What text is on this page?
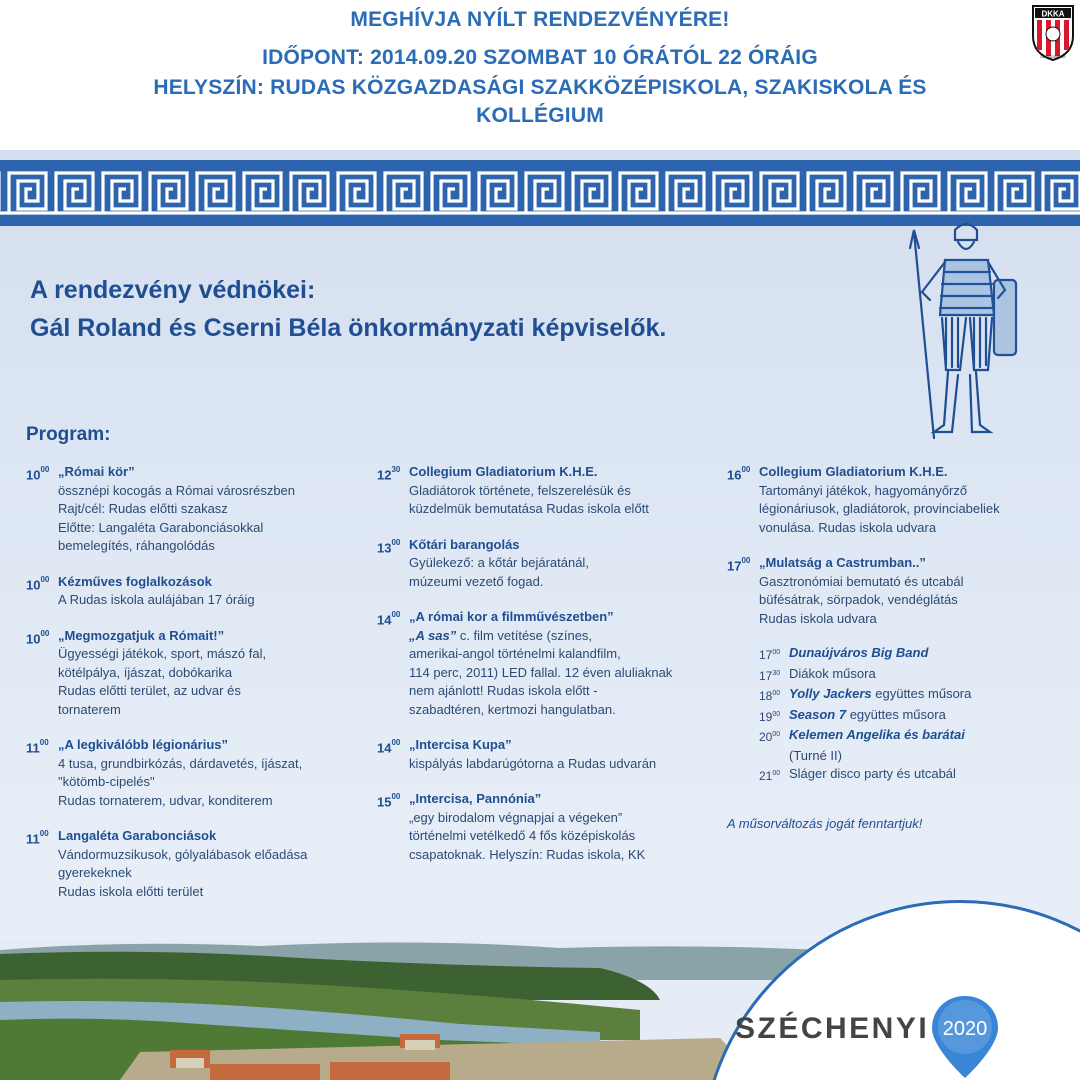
MEGHÍVJA NYÍLT RENDEZVÉNYÉRE!
IDŐPONT: 2014.09.20 SZOMBAT 10 ÓRÁTÓL 22 ÓRÁIG
HELYSZÍN: RUDAS KÖZGAZDASÁGI SZAKKÖZÉPISKOLA, SZAKISKOLA ÉS
KOLLÉGIUM
DKKA
DUNAÚJVÁROS
A rendezvény védnökei:
Gál Roland és Cserni Béla önkormányzati képviselők.
Program:
$10^{00}$ „Római kör”
össznépi kocogás a Római városrészben
Rajt/cél: Rudas előtti szakasz
Előtte: Langaléta Garabonciásokkal
bemelegítés, ráhangolódás
$10^{00}$ Kézműves foglalkozások
A Rudas iskola aulájában 17 óráig
$10^{00}$ „Megmozgatjuk a Rómait!”
Ügyességi játékok, sport, mászó fal,
kötélpálya, íjászat, dobókarika
Rudas előtti terület, az udvar és
tornaterem
$11^{00}$ „A legkiválóbb légionárius”
4 tusa, grundbirkózás, dárdavetés, íjászat,
"kötömb-cipelés"
Rudas tornaterem, udvar, konditerem
$11^{00}$ Langaléta Garabonciások
Vándormuzsikusok, gólyalábasok előadása
gyerekeknek
Rudas iskola előtti terület
$12^{30}$ Collegium Gladiatorium K.H.E.
Gladiátorok története, felszerelésük és
küzdelmük bemutatása Rudas iskola előtt
$13^{00}$ Kőtári barangolás
Gyülekező: a kőtár bejáratánál,
múzeumi vezető fogad.
$14^{00}$ „A római kor a filmművészetben”
„A sas” c. film vetítése (színes,
amerikai-angol történelmi kalandfilm,
114 perc, 2011) LED fallal. 12 éven aluliaknak
nem ajánlott! Rudas iskola előtt -
szabadtéren, kertmozi hangulatban.
$14^{00}$ „Intercisa Kupa”
kispályás labdarúgótorna a Rudas udvarán
$15^{00}$ „Intercisa, Pannónia”
„egy birodalom végnapjai a végeken”
történelmi vetélkedő 4 fős középiskolás
csapatoknak. Helyszín: Rudas iskola, KK
$16^{00}$ Collegium Gladiatorium K.H.E.
Tartományi játékok, hagyományőrző
légionáriusok, gladiátorok, provinciabeliek
vonulása. Rudas iskola udvara
$17^{00}$ „Mulatság a Castrumban..”
Gasztronómiai bemutató és utcabál
büfésátrak, sörpadok, vendéglátás
Rudas iskola udvara
$17^{00}$ Dunaújváros Big Band
$17^{30}$ Diákok műsora
$18^{00}$ Yolly Jackers együttes műsora
$19^{00}$ Season 7 együttes műsora
$20^{00}$ Kelemen Angelika és barátai
(Turné II)
$21^{00}$ Sláger disco party és utcabál
A műsorváltozás jogát fenntartjuk!
SZÉCHENYI 2020
